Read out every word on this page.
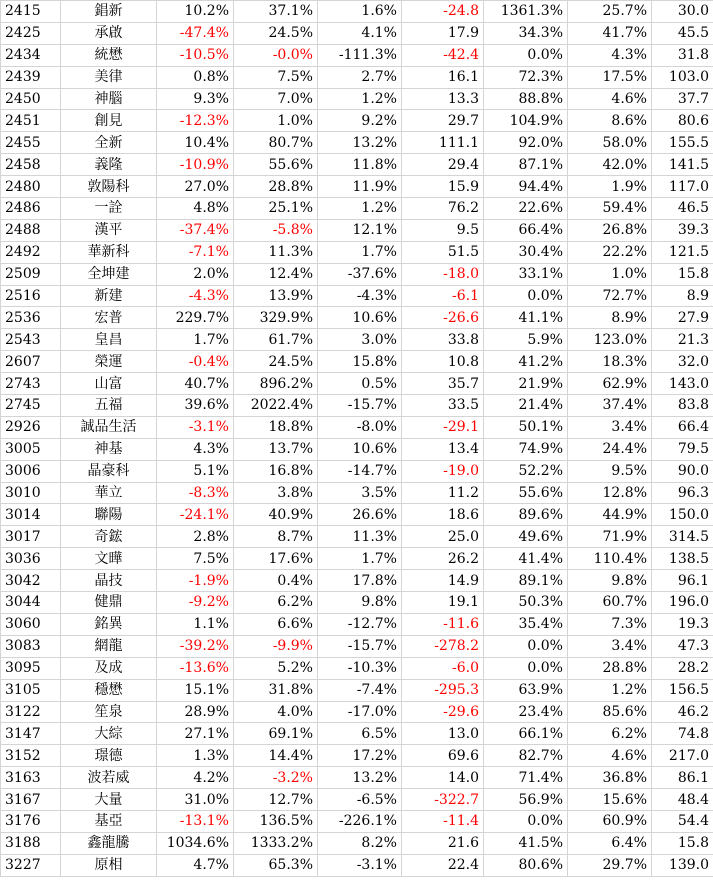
2415	錩新	10.2%	37.1%	1.6%	-24.8	1361.3%	25.7%	30.0
2425	承啟	-47.4%	24.5%	4.1%	17.9	34.3%	41.7%	45.5
2434	統懋	-10.5%	-0.0%	-111.3%	-42.4	0.0%	4.3%	31.8
2439	美律	0.8%	7.5%	2.7%	16.1	72.3%	17.5%	103.0
2450	神腦	9.3%	7.0%	1.2%	13.3	88.8%	4.6%	37.7
2451	創見	-12.3%	1.0%	9.2%	29.7	104.9%	8.6%	80.6
2455	全新	10.4%	80.7%	13.2%	111.1	92.0%	58.0%	155.5
2458	義隆	-10.9%	55.6%	11.8%	29.4	87.1%	42.0%	141.5
2480	敦陽科	27.0%	28.8%	11.9%	15.9	94.4%	1.9%	117.0
2486	一詮	4.8%	25.1%	1.2%	76.2	22.6%	59.4%	46.5
2488	漢平	-37.4%	-5.8%	12.1%	9.5	66.4%	26.8%	39.3
2492	華新科	-7.1%	11.3%	1.7%	51.5	30.4%	22.2%	121.5
2509	全坤建	2.0%	12.4%	-37.6%	-18.0	33.1%	1.0%	15.8
2516	新建	-4.3%	13.9%	-4.3%	-6.1	0.0%	72.7%	8.9
2536	宏普	229.7%	329.9%	10.6%	-26.6	41.1%	8.9%	27.9
2543	皇昌	1.7%	61.7%	3.0%	33.8	5.9%	123.0%	21.3
2607	榮運	-0.4%	24.5%	15.8%	10.8	41.2%	18.3%	32.0
2743	山富	40.7%	896.2%	0.5%	35.7	21.9%	62.9%	143.0
2745	五福	39.6%	2022.4%	-15.7%	33.5	21.4%	37.4%	83.8
2926	誠品生活	-3.1%	18.8%	-8.0%	-29.1	50.1%	3.4%	66.4
3005	神基	4.3%	13.7%	10.6%	13.4	74.9%	24.4%	79.5
3006	晶豪科	5.1%	16.8%	-14.7%	-19.0	52.2%	9.5%	90.0
3010	華立	-8.3%	3.8%	3.5%	11.2	55.6%	12.8%	96.3
3014	聯陽	-24.1%	40.9%	26.6%	18.6	89.6%	44.9%	150.0
3017	奇鋐	2.8%	8.7%	11.3%	25.0	49.6%	71.9%	314.5
3036	文曄	7.5%	17.6%	1.7%	26.2	41.4%	110.4%	138.5
3042	晶技	-1.9%	0.4%	17.8%	14.9	89.1%	9.8%	96.1
3044	健鼎	-9.2%	6.2%	9.8%	19.1	50.3%	60.7%	196.0
3060	銘異	1.1%	6.6%	-12.7%	-11.6	35.4%	7.3%	19.3
3083	網龍	-39.2%	-9.9%	-15.7%	-278.2	0.0%	3.4%	47.3
3095	及成	-13.6%	5.2%	-10.3%	-6.0	0.0%	28.8%	28.2
3105	穩懋	15.1%	31.8%	-7.4%	-295.3	63.9%	1.2%	156.5
3122	笙泉	28.9%	4.0%	-17.0%	-29.6	23.4%	85.6%	46.2
3147	大綜	27.1%	69.1%	6.5%	13.0	66.1%	6.2%	74.8
3152	璟德	1.3%	14.4%	17.2%	69.6	82.7%	4.6%	217.0
3163	波若威	4.2%	-3.2%	13.2%	14.0	71.4%	36.8%	86.1
3167	大量	31.0%	12.7%	-6.5%	-322.7	56.9%	15.6%	48.4
3176	基亞	-13.1%	136.5%	-226.1%	-11.4	0.0%	60.9%	54.4
3188	鑫龍騰	1034.6%	1333.2%	8.2%	21.6	41.5%	6.4%	15.8
3227	原相	4.7%	65.3%	-3.1%	22.4	80.6%	29.7%	139.0
